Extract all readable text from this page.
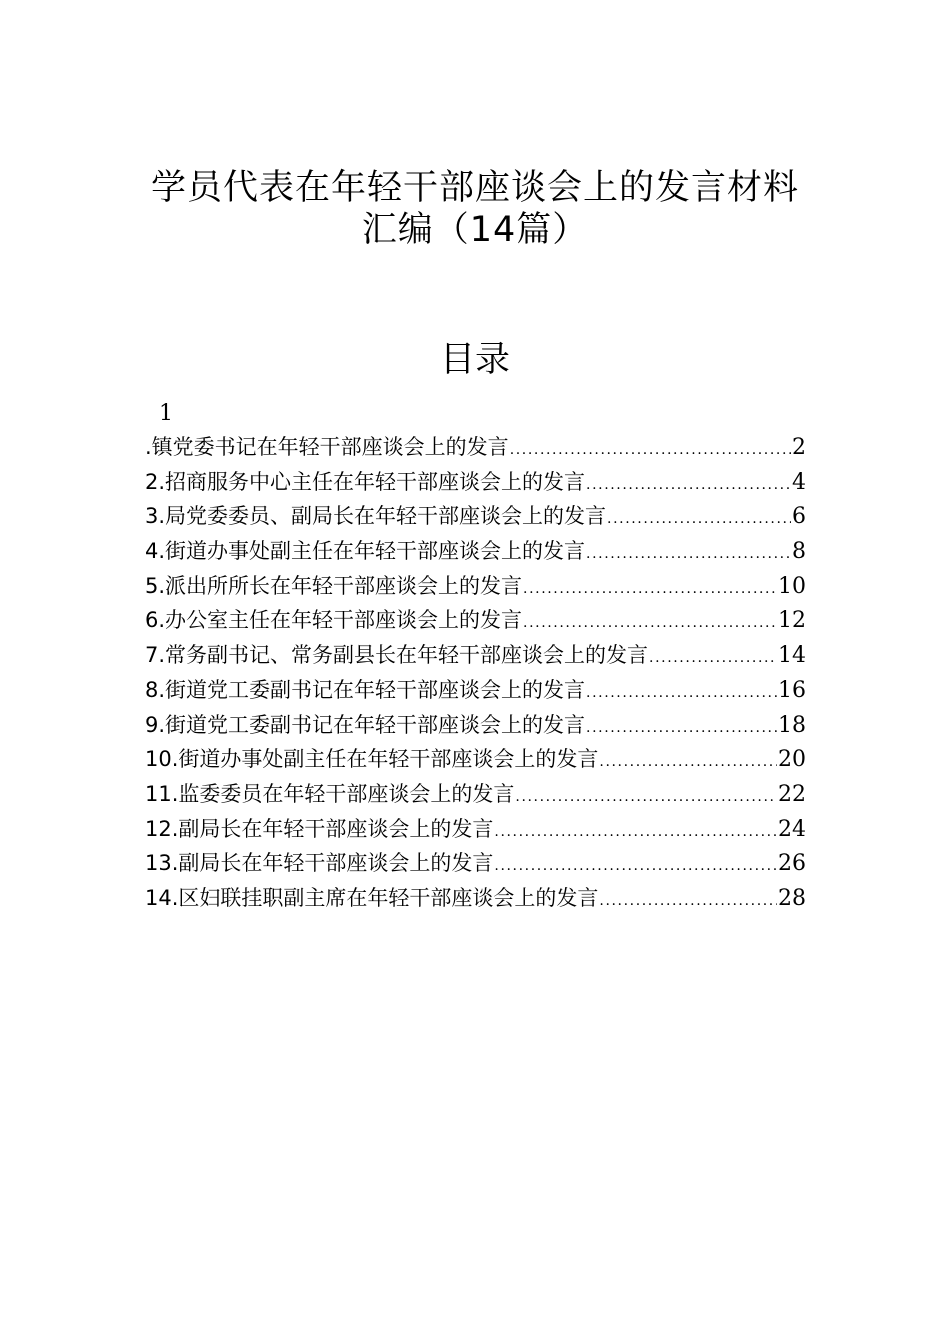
学员代表在年轻干部座谈会上的发言材料
汇编（14篇）
目录
1
.镇党委书记在年轻干部座谈会上的发言 .....	2
2.招商服务中心主任在年轻干部座谈会上的发言 .....	4
3.局党委委员、副局长在年轻干部座谈会上的发言 .....	6
4.街道办事处副主任在年轻干部座谈会上的发言 .....	8
5.派出所所长在年轻干部座谈会上的发言 .....	10
6.办公室主任在年轻干部座谈会上的发言 .....	12
7.常务副书记、常务副县长在年轻干部座谈会上的发言 .....	14
8.街道党工委副书记在年轻干部座谈会上的发言 .....	16
9.街道党工委副书记在年轻干部座谈会上的发言 .....	18
10.街道办事处副主任在年轻干部座谈会上的发言 .....	20
11.监委委员在年轻干部座谈会上的发言 .....	22
12.副局长在年轻干部座谈会上的发言 .....	24
13.副局长在年轻干部座谈会上的发言 .....	26
14.区妇联挂职副主席在年轻干部座谈会上的发言 .....	28
